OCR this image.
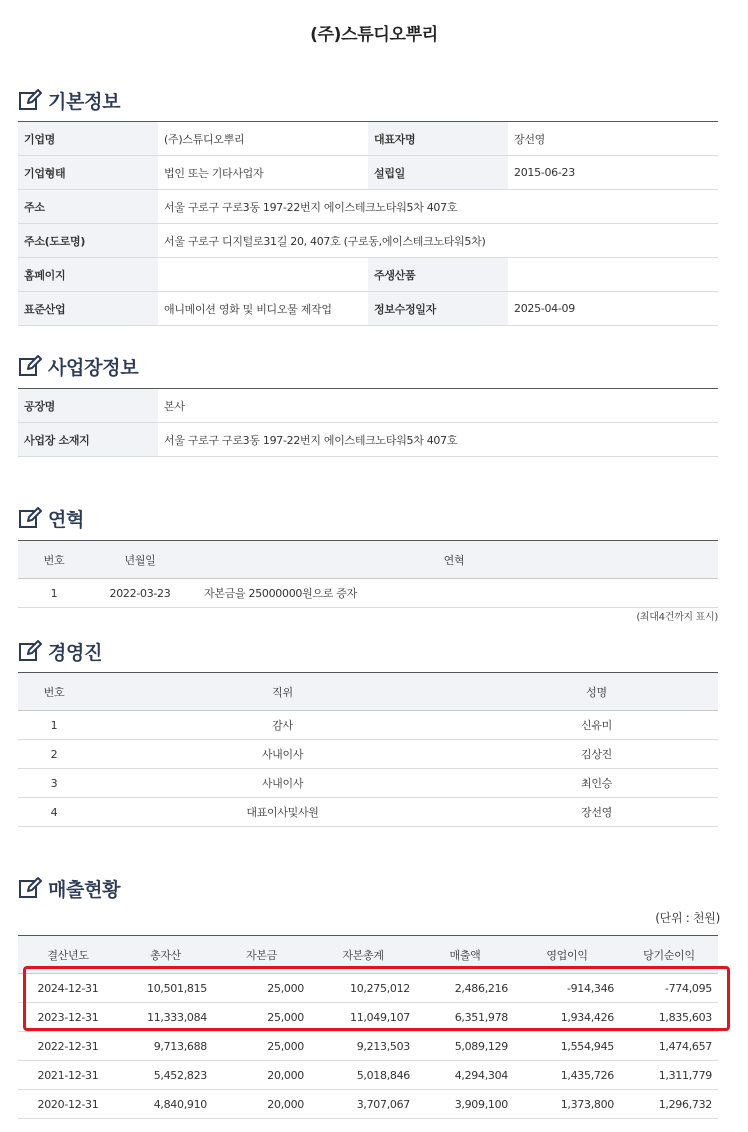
(주)스튜디오뿌리
기본정보
기업명	(주)스튜디오뿌리	대표자명	장선영
기업형태	법인 또는 기타사업자	설립일	2015-06-23
주소	서울 구로구 구로3동 197-22번지 에이스테크노타워5차 407호		
주소(도로명)	서울 구로구 디지털로31길 20, 407호 (구로동,에이스테크노타워5차)		
홈페이지		주생산품	
표준산업	애니메이션 영화 및 비디오물 제작업	정보수정일자	2025-04-09
사업장정보
공장명	본사
사업장 소재지	서울 구로구 구로3동 197-22번지 에이스테크노타워5차 407호
연혁
번호	년월일	연혁
1	2022-03-23	자본금을 25000000원으로 증자
(최대4건까지 표시)
경영진
번호	직위	성명
1	감사	신유미
2	사내이사	김상진
3	사내이사	최인승
4	대표이사및사원	장선영
매출현황
(단위 : 천원)
결산년도	총자산	자본금	자본총계	매출액	영업이익	당기순이익
2024-12-31	10,501,815	25,000	10,275,012	2,486,216	-914,346	-774,095
2023-12-31	11,333,084	25,000	11,049,107	6,351,978	1,934,426	1,835,603
2022-12-31	9,713,688	25,000	9,213,503	5,089,129	1,554,945	1,474,657
2021-12-31	5,452,823	20,000	5,018,846	4,294,304	1,435,726	1,311,779
2020-12-31	4,840,910	20,000	3,707,067	3,909,100	1,373,800	1,296,732
